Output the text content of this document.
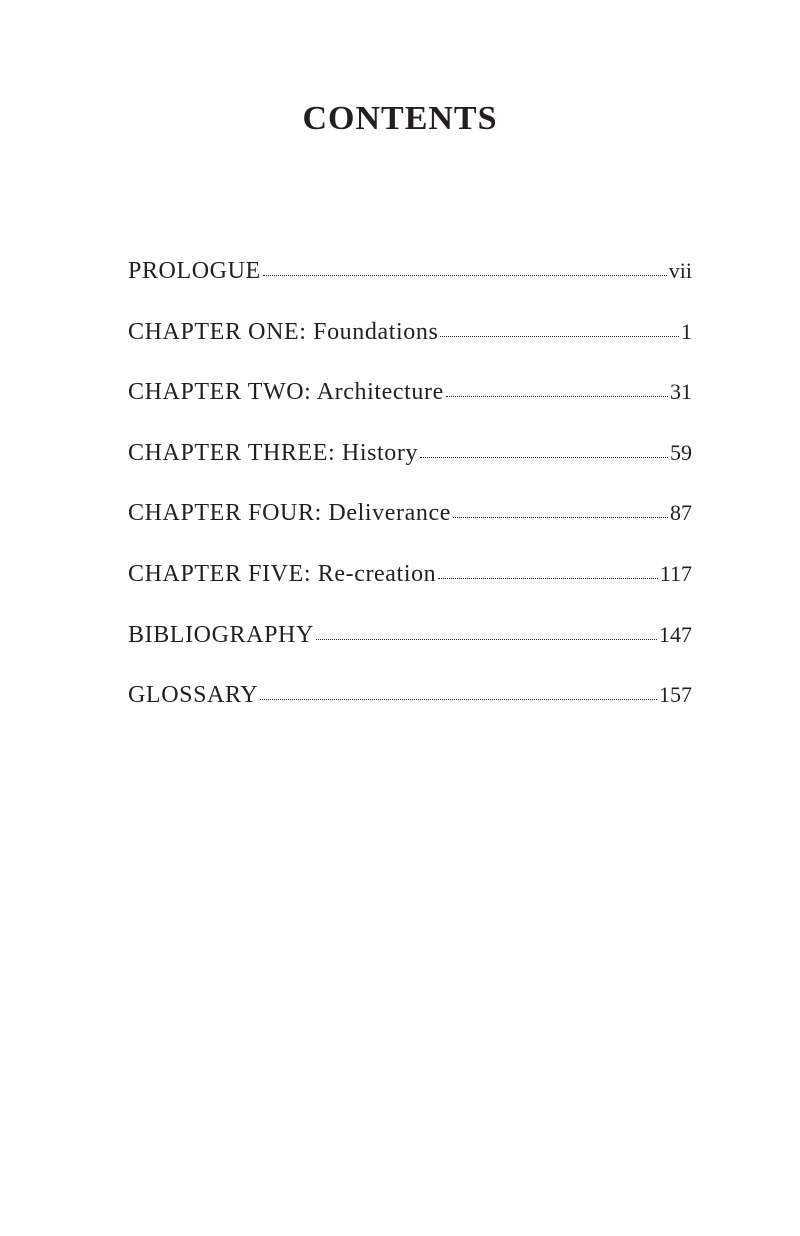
CONTENTS
PROLOGUE	vii
CHAPTER ONE: Foundations	1
CHAPTER TWO: Architecture	31
CHAPTER THREE: History	59
CHAPTER FOUR: Deliverance	87
CHAPTER FIVE: Re-creation	117
BIBLIOGRAPHY	147
GLOSSARY	157
